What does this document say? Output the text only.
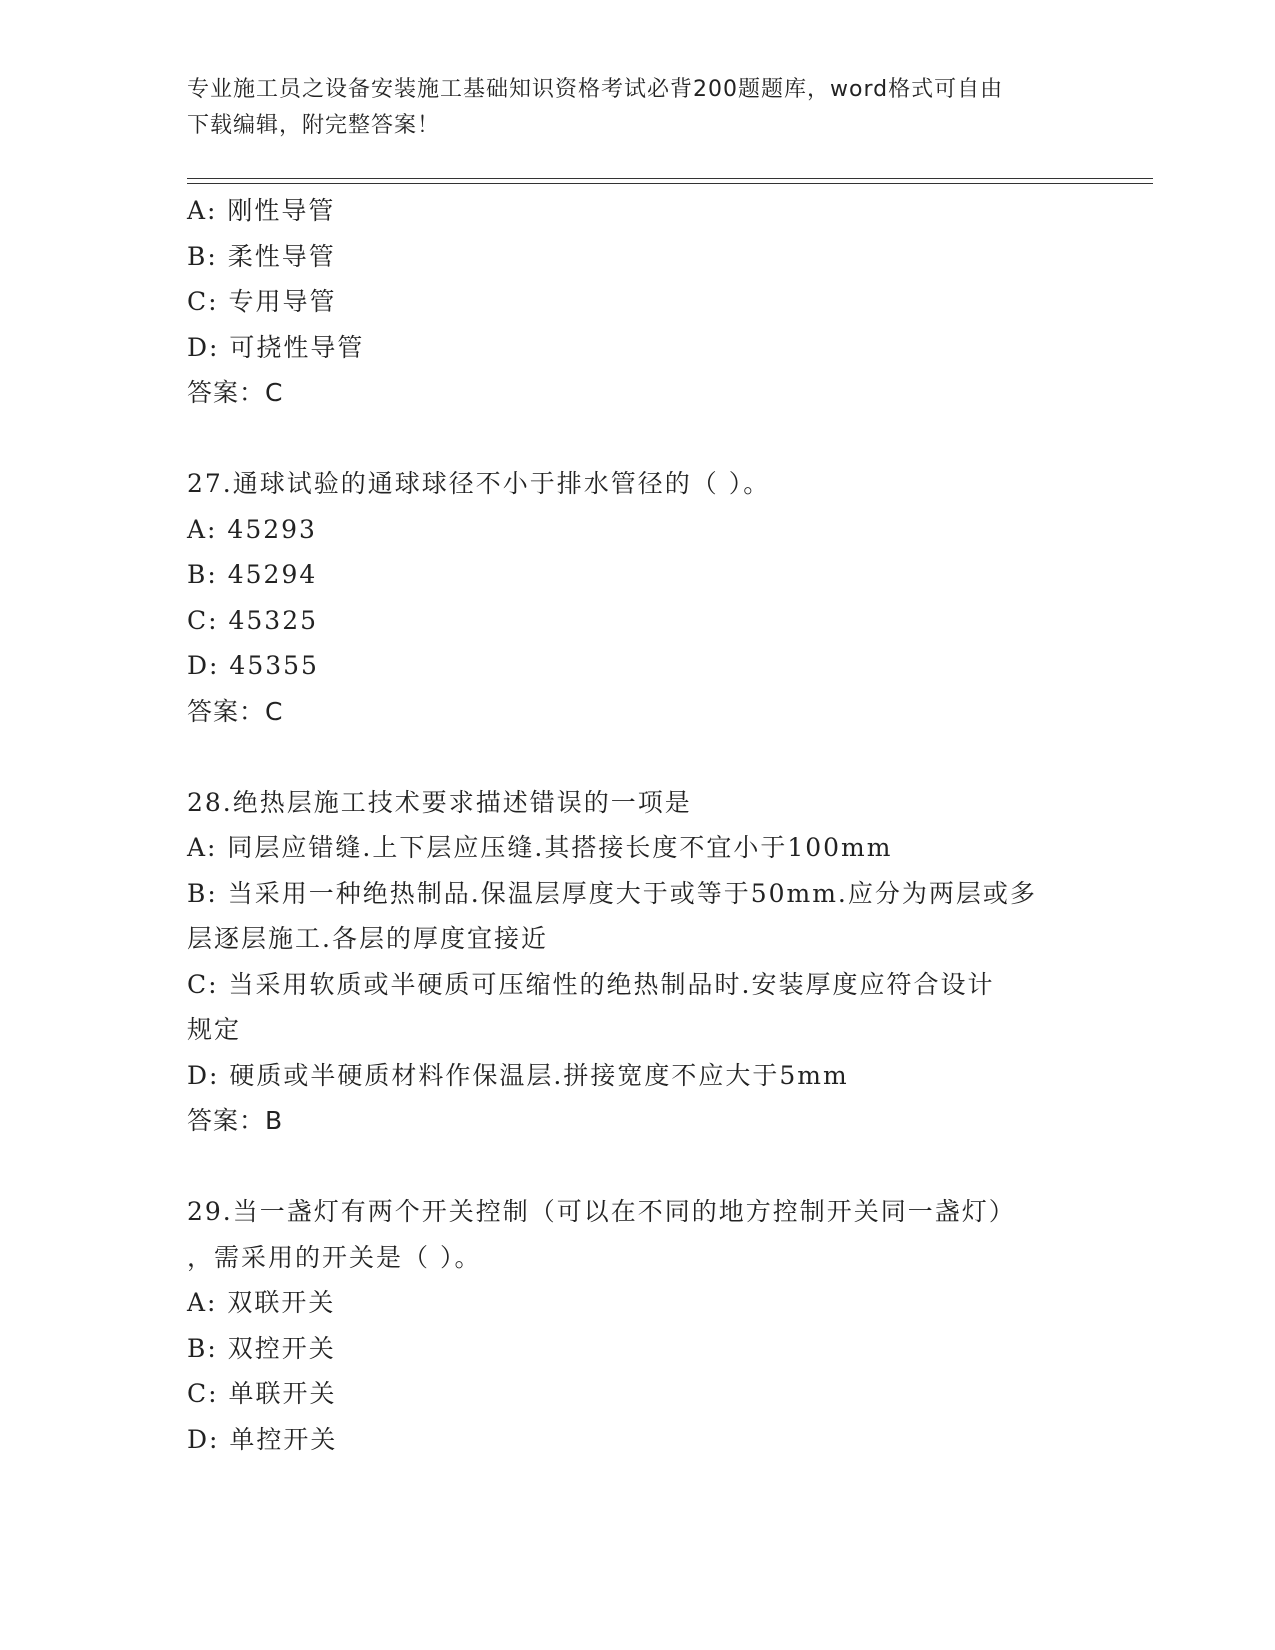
专业施工员之设备安装施工基础知识资格考试必背200题题库，word格式可自由
下载编辑，附完整答案！
A: 刚性导管
B: 柔性导管
C: 专用导管
D: 可挠性导管
答案：C
27.通球试验的通球球径不小于排水管径的（ ）。
A: 45293
B: 45294
C: 45325
D: 45355
答案：C
28.绝热层施工技术要求描述错误的一项是
A: 同层应错缝.上下层应压缝.其搭接长度不宜小于100mm
B: 当采用一种绝热制品.保温层厚度大于或等于50mm.应分为两层或多
层逐层施工.各层的厚度宜接近
C: 当采用软质或半硬质可压缩性的绝热制品时.安装厚度应符合设计
规定
D: 硬质或半硬质材料作保温层.拼接宽度不应大于5mm
答案：B
29.当一盏灯有两个开关控制（可以在不同的地方控制开关同一盏灯）
，需采用的开关是（ ）。
A: 双联开关
B: 双控开关
C: 单联开关
D: 单控开关
